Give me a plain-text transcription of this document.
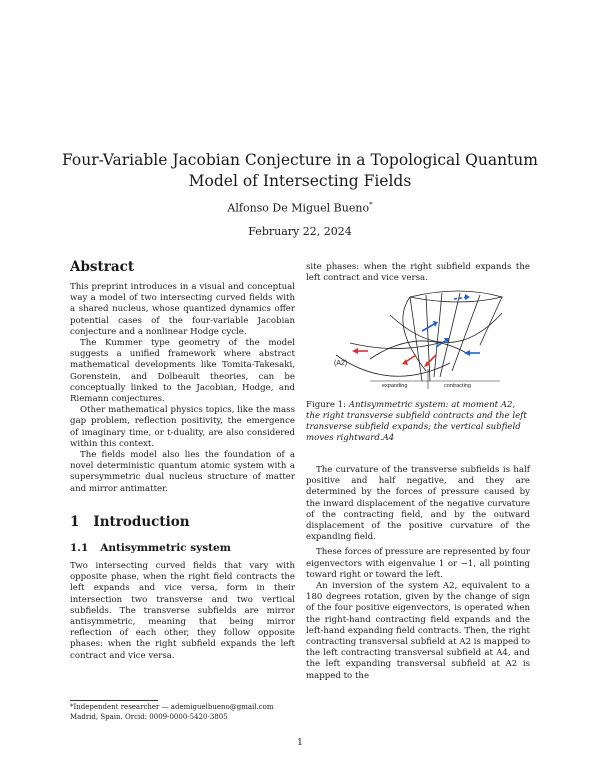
Four-Variable Jacobian Conjecture in a Topological Quantum Model of Intersecting Fields
Alfonso De Miguel Bueno*
February 22, 2024
Abstract

This preprint introduces in a visual and conceptual way a model of two intersecting curved fields with a shared nucleus, whose quantized dynamics offer potential cases of the four-variable Jacobian conjecture and a nonlinear Hodge cycle.

The Kummer type geometry of the model suggests a unified framework where abstract mathematical developments like Tomita-Takesaki, Gorenstein, and Dolbeault theories, can be conceptually linked to the Jacobian, Hodge, and Riemann conjectures.

Other mathematical physics topics, like the mass gap problem, reflection positivity, the emergence of imaginary time, or t-duality, are also considered within this context.

The fields model also lies the foundation of a novel deterministic quantum atomic system with a supersymmetric dual nucleus structure of matter and mirror antimatter.

1 Introduction
1.1 Antisymmetric system

Two intersecting curved fields that vary with opposite phase, when the right field contracts the left expands and vice versa, form in their intersection two transverse and two vertical subfields. The transverse subfields are mirror antisymmetric, meaning that being mirror reflection of each other, they follow opposite phases: when the right subfield expands the left contract and vice versa.

*Independent researcher — ademiguelbueno@gmail.com Madrid, Spain. Orcid: 0009-0000-5420-3805
(A2)
expanding	contracting

site phases: when the right subfield expands the left contract and vice versa.

Figure 1: Antisymmetric system: at moment A2, the right transverse subfield contracts and the left transverse subfield expands; the vertical subfield moves rightward.A4

The curvature of the transverse subfields is half positive and half negative, and they are determined by the forces of pressure caused by the inward displacement of the negative curvature of the contracting field, and by the outward displacement of the positive curvature of the expanding field.

These forces of pressure are represented by four eigenvectors with eigenvalue 1 or −1, all pointing toward right or toward the left.

An inversion of the system A2, equivalent to a 180 degrees rotation, given by the change of sign of the four positive eigenvectors, is operated when the right-hand contracting field expands and the left-hand expanding field contracts. Then, the right contracting transversal subfield at A2 is mapped to the left contracting transversal subfield at A4, and the left expanding transversal subfield at A2 is mapped to the

1
